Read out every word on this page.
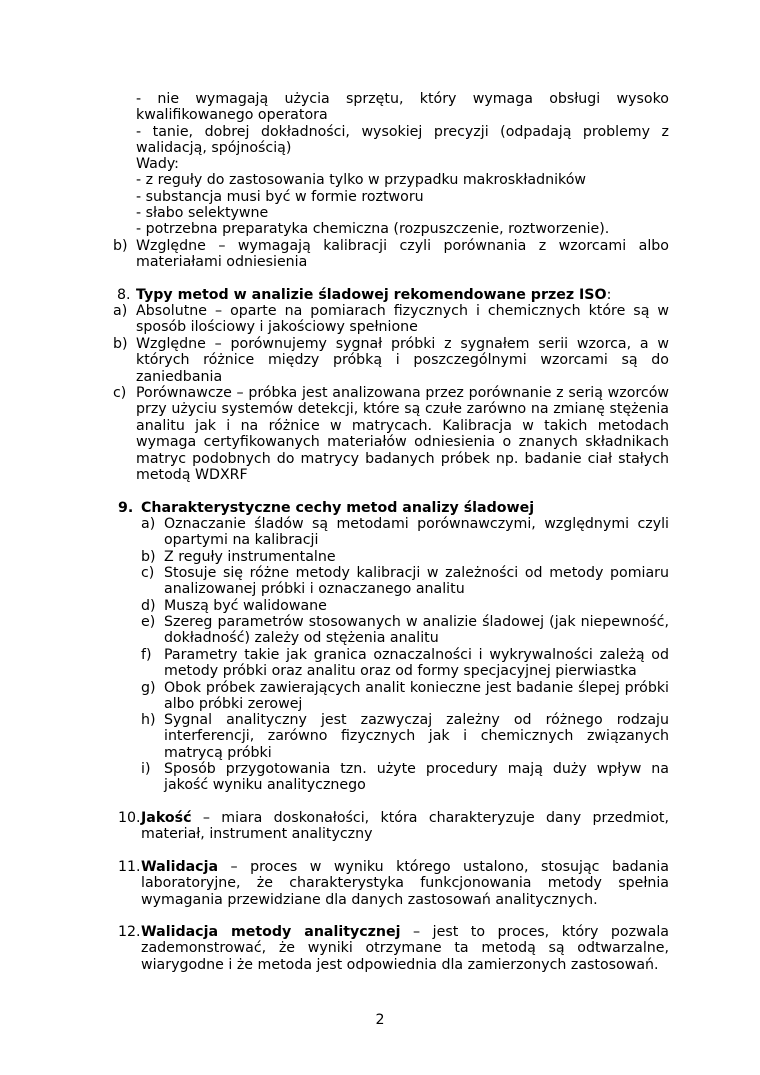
- nie wymagają użycia sprzętu, który wymaga obsługi wysoko kwalifikowanego operatora
- tanie, dobrej dokładności, wysokiej precyzji (odpadają problemy z walidacją, spójnością)
Wady:
- z reguły do zastosowania tylko w przypadku makroskładników
- substancja musi być w formie roztworu
- słabo selektywne
- potrzebna preparatyka chemiczna (rozpuszczenie, roztworzenie).
b) Względne – wymagają kalibracji czyli porównania z wzorcami albo materiałami odniesienia
8. Typy metod w analizie śladowej rekomendowane przez ISO:
a) Absolutne – oparte na pomiarach fizycznych i chemicznych które są w sposób ilościowy i jakościowy spełnione
b) Względne – porównujemy sygnał próbki z sygnałem serii wzorca, a w których różnice między próbką i poszczególnymi wzorcami są do zaniedbania
c) Porównawcze – próbka jest analizowana przez porównanie z serią wzorców przy użyciu systemów detekcji, które są czułe zarówno na zmianę stężenia analitu jak i na różnice w matrycach. Kalibracja w takich metodach wymaga certyfikowanych materiałów odniesienia o znanych składnikach matryc podobnych do matrycy badanych próbek np. badanie ciał stałych metodą WDXRF
9. Charakterystyczne cechy metod analizy śladowej
a) Oznaczanie śladów są metodami porównawczymi, względnymi czyli opartymi na kalibracji
b) Z reguły instrumentalne
c) Stosuje się różne metody kalibracji w zależności od metody pomiaru analizowanej próbki i oznaczanego analitu
d) Muszą być walidowane
e) Szereg parametrów stosowanych w analizie śladowej (jak niepewność, dokładność) zależy od stężenia analitu
f) Parametry takie jak granica oznaczalności i wykrywalności zależą od metody próbki oraz analitu oraz od formy specjacyjnej pierwiastka
g) Obok próbek zawierających analit konieczne jest badanie ślepej próbki albo próbki zerowej
h) Sygnal analityczny jest zazwyczaj zależny od różnego rodzaju interferencji, zarówno fizycznych jak i chemicznych związanych matrycą próbki
i) Sposób przygotowania tzn. użyte procedury mają duży wpływ na jakość wyniku analitycznego
10. Jakość – miara doskonałości, która charakteryzuje dany przedmiot, materiał, instrument analityczny
11. Walidacja – proces w wyniku którego ustalono, stosując badania laboratoryjne, że charakterystyka funkcjonowania metody spełnia wymagania przewidziane dla danych zastosowań analitycznych.
12. Walidacja metody analitycznej – jest to proces, który pozwala zademonstrować, że wyniki otrzymane ta metodą są odtwarzalne, wiarygodne i że metoda jest odpowiednia dla zamierzonych zastosowań.
2
